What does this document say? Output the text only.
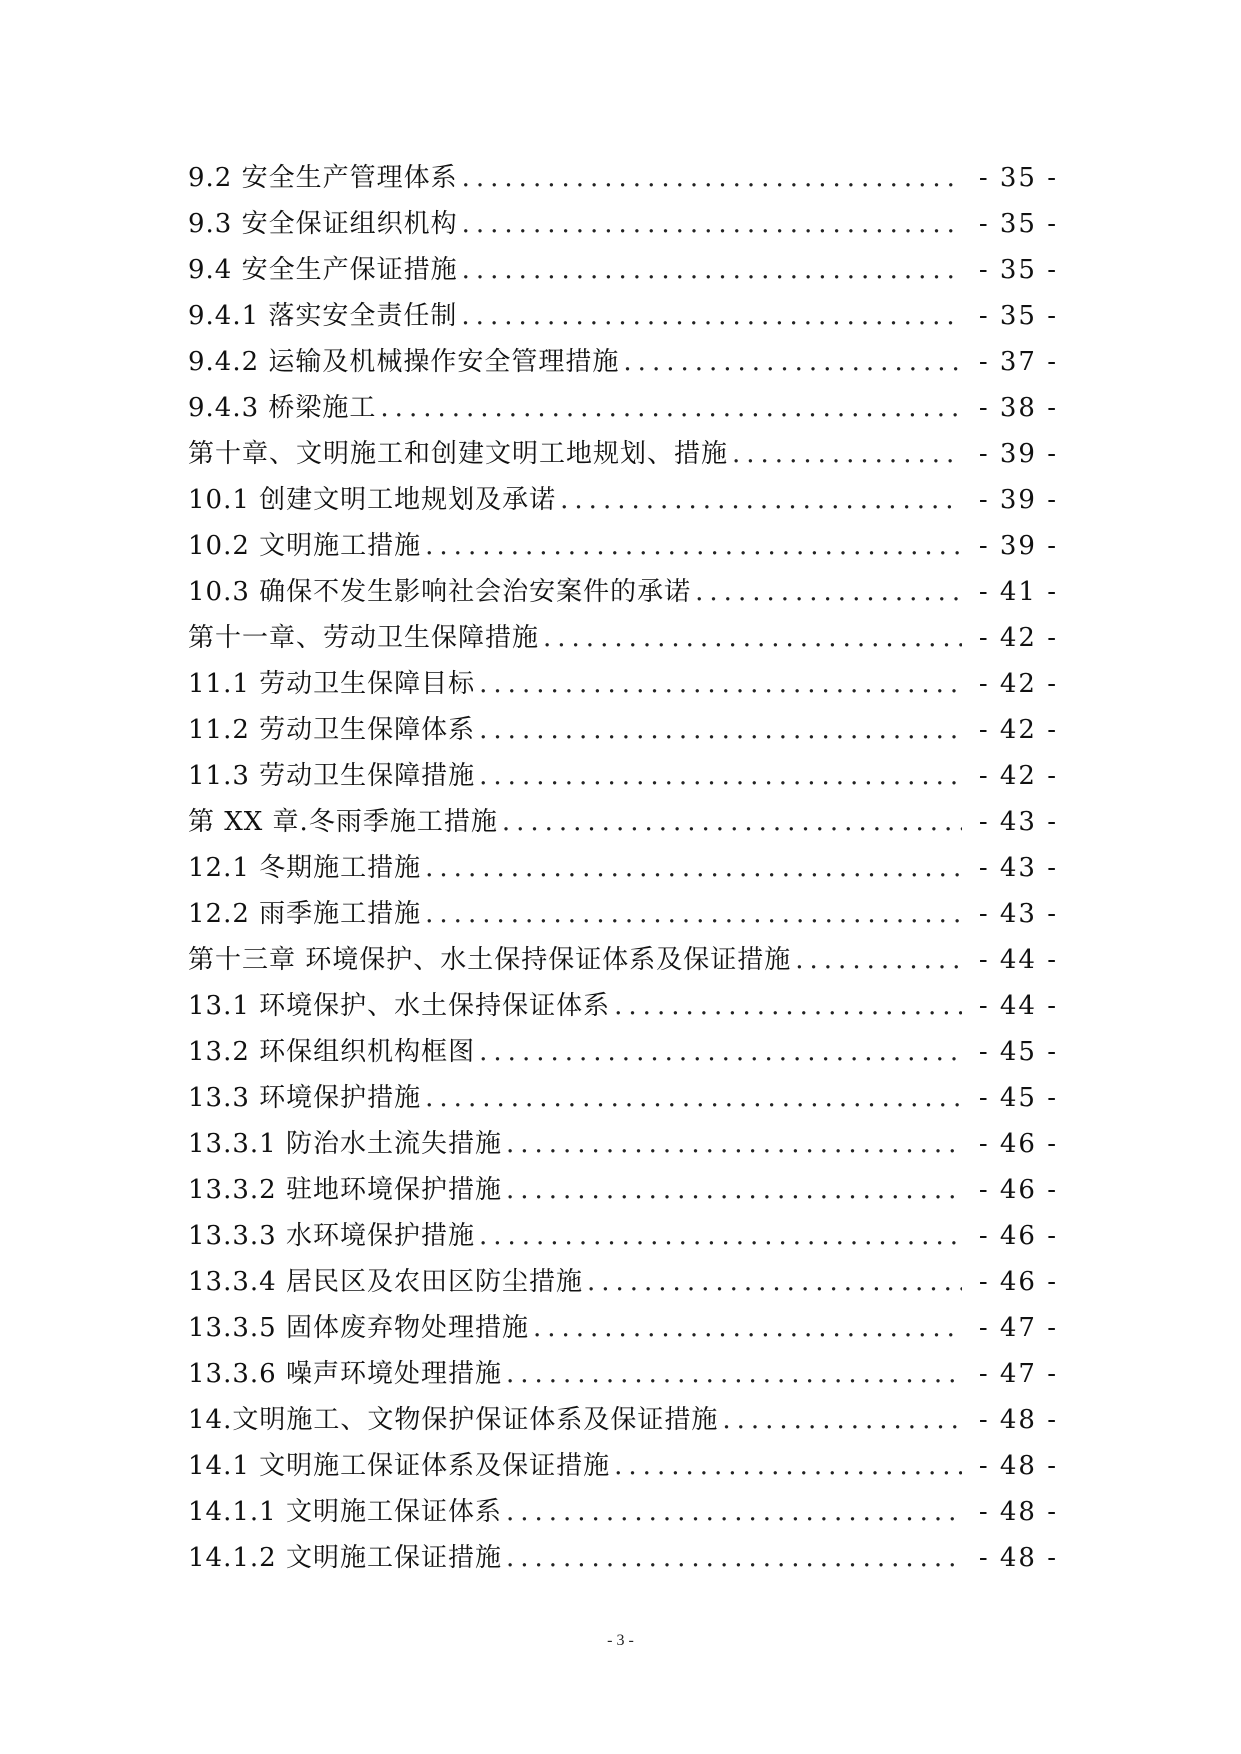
9.2 安全生产管理体系 .....	- 35 -
9.3 安全保证组织机构 .....	- 35 -
9.4 安全生产保证措施 .....	- 35 -
9.4.1 落实安全责任制 .....	- 35 -
9.4.2 运输及机械操作安全管理措施 .....	- 37 -
9.4.3 桥梁施工 .....	- 38 -
第十章、文明施工和创建文明工地规划、措施 .....	- 39 -
10.1 创建文明工地规划及承诺 .....	- 39 -
10.2 文明施工措施 .....	- 39 -
10.3 确保不发生影响社会治安案件的承诺 .....	- 41 -
第十一章、劳动卫生保障措施 .....	- 42 -
11.1 劳动卫生保障目标 .....	- 42 -
11.2 劳动卫生保障体系 .....	- 42 -
11.3 劳动卫生保障措施 .....	- 42 -
第 XX 章.冬雨季施工措施 .....	- 43 -
12.1 冬期施工措施 .....	- 43 -
12.2 雨季施工措施 .....	- 43 -
第十三章 环境保护、水土保持保证体系及保证措施 .....	- 44 -
13.1 环境保护、水土保持保证体系 .....	- 44 -
13.2 环保组织机构框图 .....	- 45 -
13.3 环境保护措施 .....	- 45 -
13.3.1 防治水土流失措施 .....	- 46 -
13.3.2 驻地环境保护措施 .....	- 46 -
13.3.3 水环境保护措施 .....	- 46 -
13.3.4 居民区及农田区防尘措施 .....	- 46 -
13.3.5 固体废弃物处理措施 .....	- 47 -
13.3.6 噪声环境处理措施 .....	- 47 -
14.文明施工、文物保护保证体系及保证措施 .....	- 48 -
14.1 文明施工保证体系及保证措施 .....	- 48 -
14.1.1 文明施工保证体系 .....	- 48 -
14.1.2 文明施工保证措施 .....	- 48 -
- 3 -
